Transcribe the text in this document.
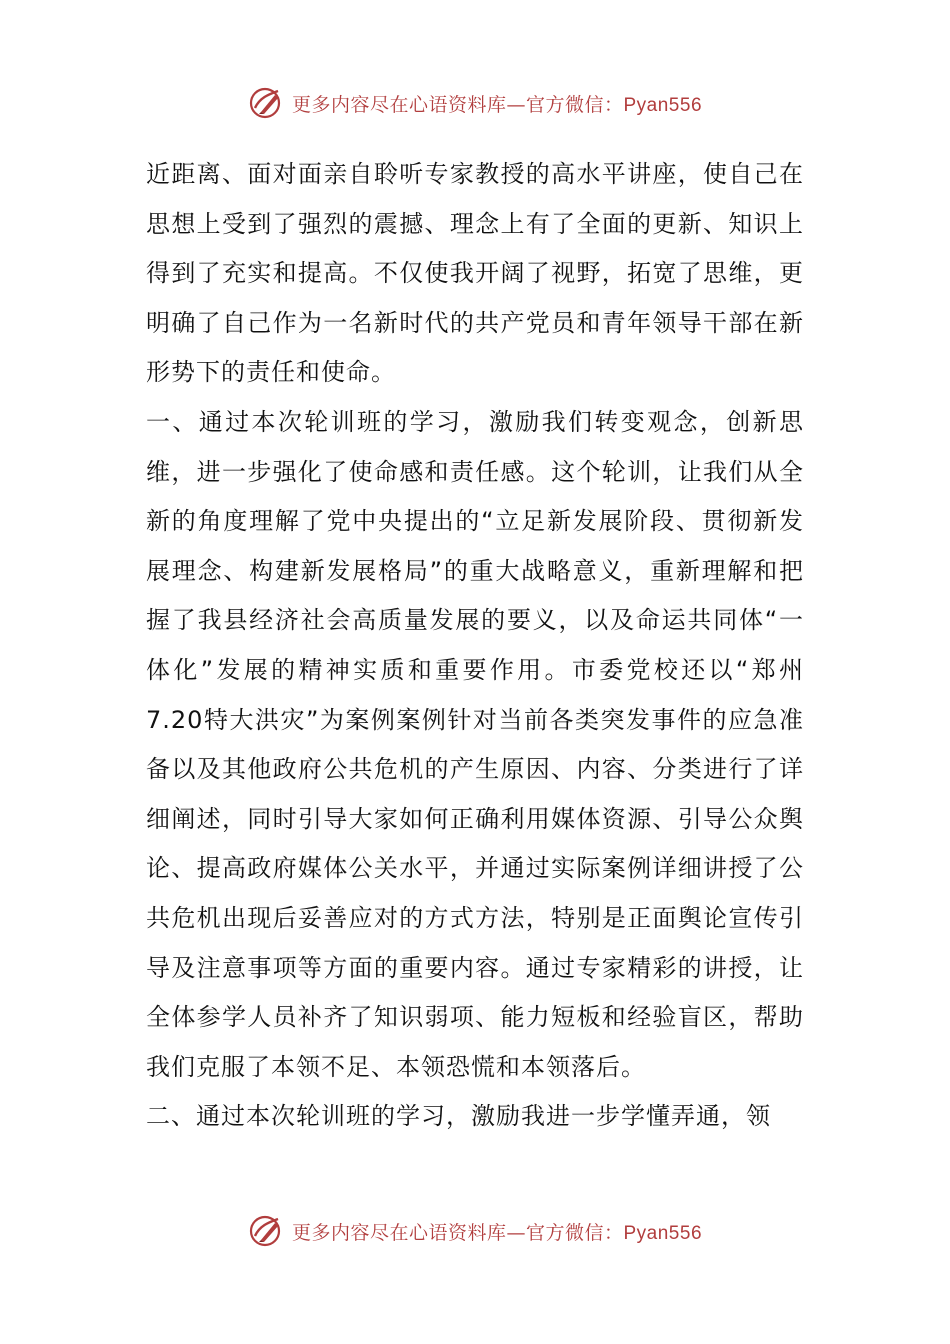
更多内容尽在心语资料库—官方微信：Pyan556

近距离、面对面亲自聆听专家教授的高水平讲座，使自己在思想上受到了强烈的震撼、理念上有了全面的更新、知识上得到了充实和提高。不仅使我开阔了视野，拓宽了思维，更明确了自己作为一名新时代的共产党员和青年领导干部在新形势下的责任和使命。

一、通过本次轮训班的学习，激励我们转变观念，创新思维，进一步强化了使命感和责任感。这个轮训，让我们从全新的角度理解了党中央提出的“立足新发展阶段、贯彻新发展理念、构建新发展格局”的重大战略意义，重新理解和把握了我县经济社会高质量发展的要义，以及命运共同体“一体化”发展的精神实质和重要作用。市委党校还以“郑州7.20特大洪灾”为案例案例针对当前各类突发事件的应急准备以及其他政府公共危机的产生原因、内容、分类进行了详细阐述，同时引导大家如何正确利用媒体资源、引导公众舆论、提高政府媒体公关水平，并通过实际案例详细讲授了公共危机出现后妥善应对的方式方法，特别是正面舆论宣传引导及注意事项等方面的重要内容。通过专家精彩的讲授，让全体参学人员补齐了知识弱项、能力短板和经验盲区，帮助我们克服了本领不足、本领恐慌和本领落后。

二、通过本次轮训班的学习，激励我进一步学懂弄通，领

更多内容尽在心语资料库—官方微信：Pyan556
